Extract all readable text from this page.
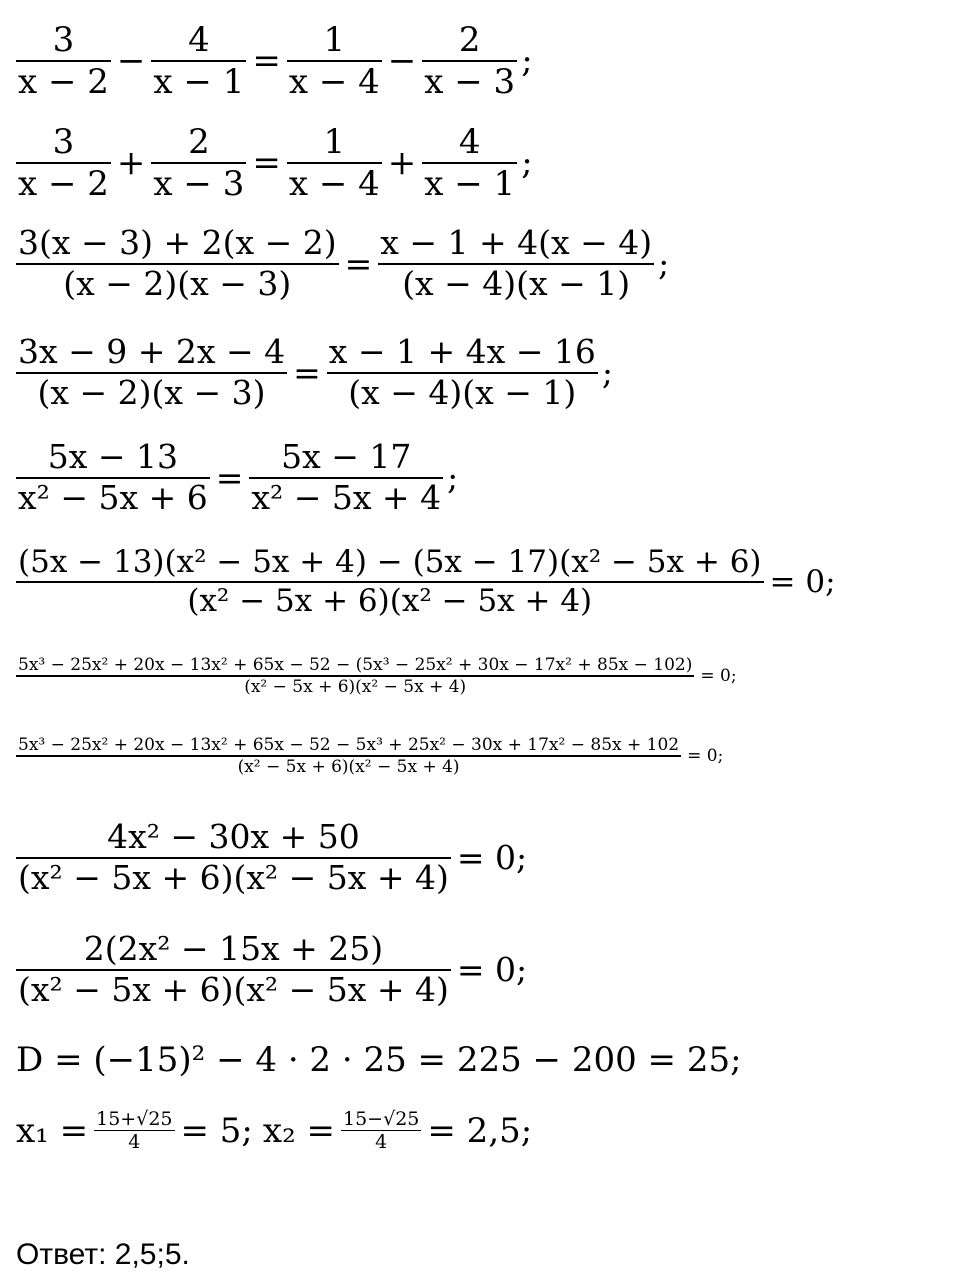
$\frac{3}{x - 2} - \frac{4}{x - 1} = \frac{1}{x - 4} - \frac{2}{x - 3}$ ;
$\frac{3}{x - 2} + \frac{2}{x - 3} = \frac{1}{x - 4} + \frac{4}{x - 1}$ ;
$\frac{3(x - 3) + 2(x - 2)}{(x - 2)(x - 3)} = \frac{x - 1 + 4(x - 4)}{(x - 4)(x - 1)}$ ;
$\frac{3x - 9 + 2x - 4}{(x - 2)(x - 3)} = \frac{x - 1 + 4x - 16}{(x - 4)(x - 1)}$ ;
$\frac{5x - 13}{\text{x² − 5x + 6}} = \frac{5x - 17}{\text{x² − 5x + 4}}$ ;
$\frac{\text{(5x − 13)(x² − 5x + 4) − (5x − 17)(x² − 5x + 6)}}{\text{(x² − 5x + 6)(x² − 5x + 4)}} = 0$;
5x³ − 25x² + 20x − 13x² + 65x − 52 − (5x³ − 25x² + 30x − 17x² + 85x − 102)
(x² − 5x + 6)(x² − 5x + 4)
= 0;
5x³ − 25x² + 20x − 13x² + 65x − 52 − 5x³ + 25x² − 30x + 17x² − 85x + 102
(x² − 5x + 6)(x² − 5x + 4)
= 0;
$\frac{\text{4x² − 30x + 50}}{\text{(x² − 5x + 6)(x² − 5x + 4)}} = 0$;
$\frac{\text{2(2x² − 15x + 25)}}{\text{(x² − 5x + 6)(x² − 5x + 4)}} = 0$;
D = (−15)² − 4 · 2 · 25 = 225 − 200 = 25;
$x_1 = \frac{15+√25}{4} = 5$; $x_2 = \frac{15-√25}{4} = 2,5$;
Ответ: 2,5;5.
